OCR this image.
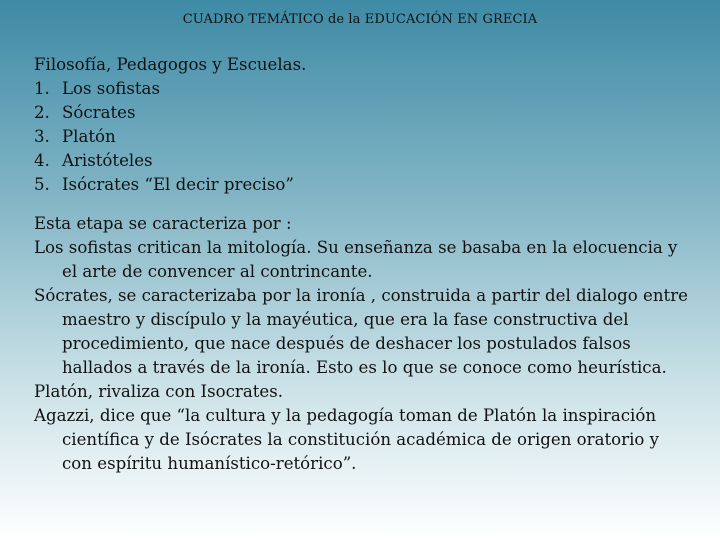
CUADRO TEMÁTICO de la EDUCACIÓN EN GRECIA
Filosofía, Pedagogos y Escuelas.
1. Los sofistas
2. Sócrates
3. Platón
4. Aristóteles
5. Isócrates “El decir preciso”

Esta etapa se caracteriza por :

Los sofistas critican la mitología. Su enseñanza se basaba en la elocuencia y el arte de convencer al contrincante.

Sócrates, se caracterizaba por la ironía , construida a partir del dialogo entre maestro y discípulo y la mayéutica, que era la fase constructiva del procedimiento, que nace después de deshacer los postulados falsos hallados a través de la ironía. Esto es lo que se conoce como heurística.

Platón, rivaliza con Isocrates.

Agazzi, dice que “la cultura y la pedagogía toman de Platón la inspiración científica y de Isócrates la constitución académica de origen oratorio y con espíritu humanístico-retórico”.
